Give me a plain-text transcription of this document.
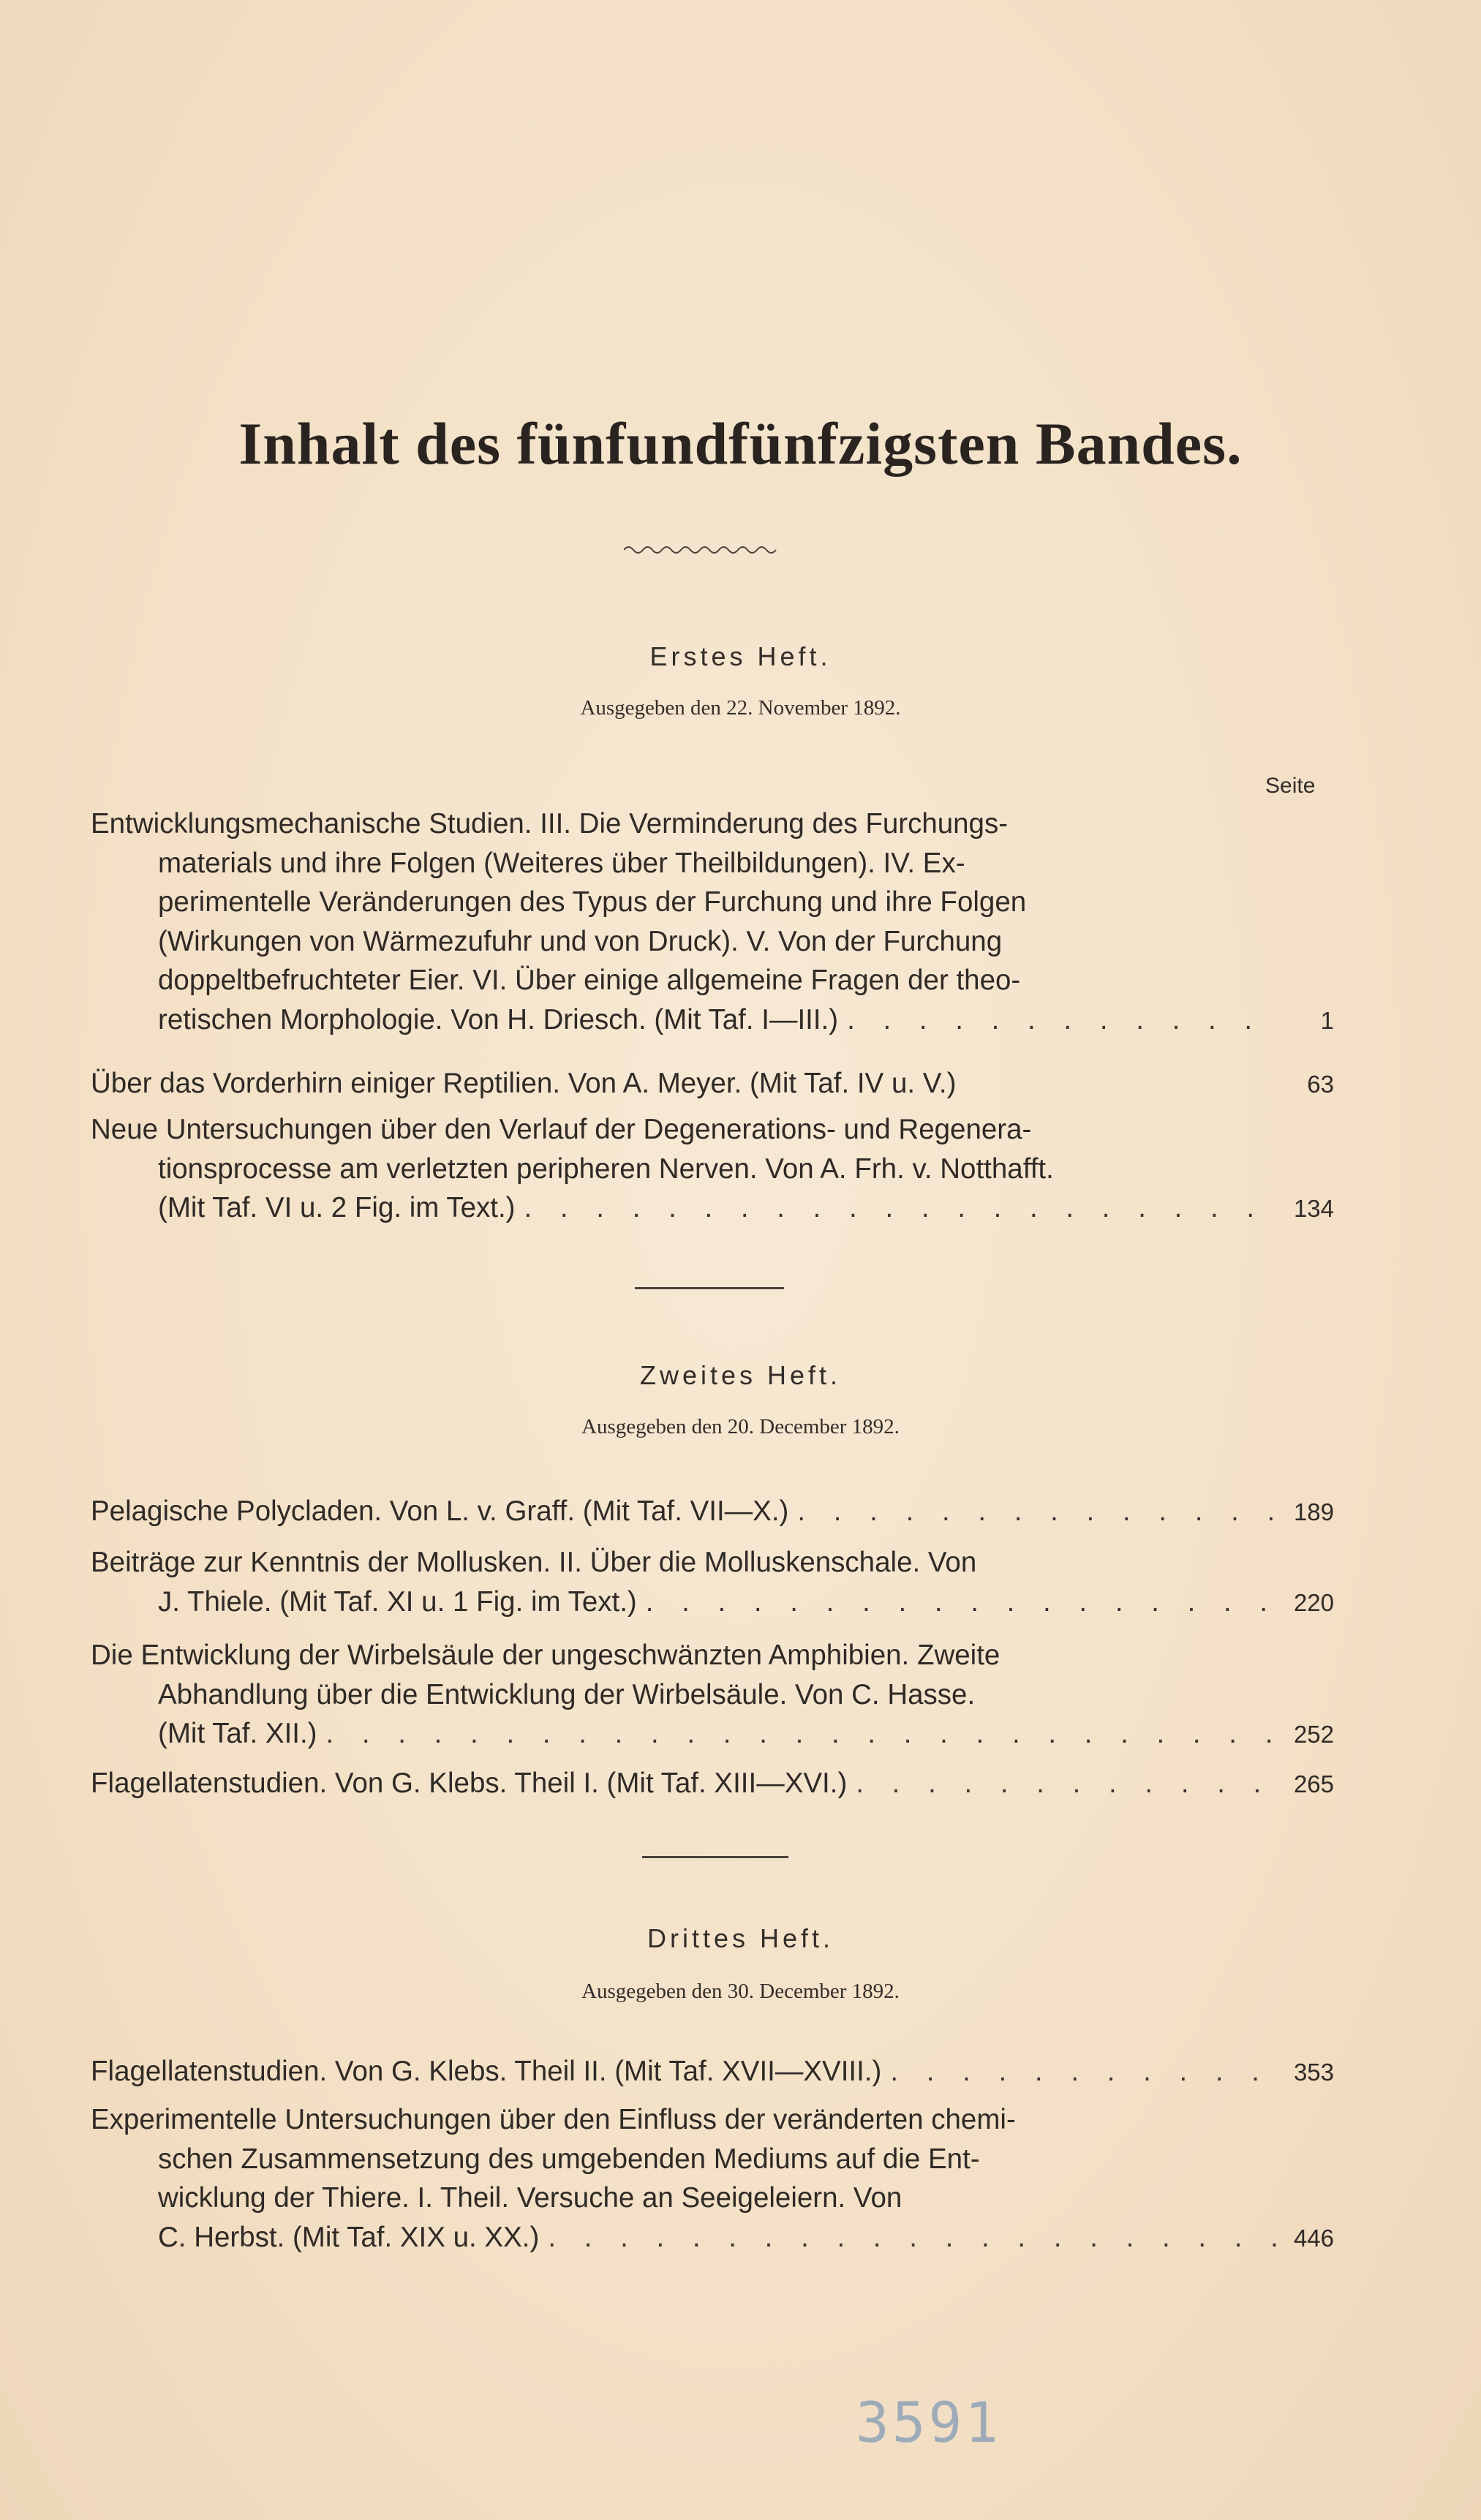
Inhalt des fünfundfünfzigsten Bandes.
Erstes Heft.
Ausgegeben den 22. November 1892.
Seite
Entwicklungsmechanische Studien. III. Die Verminderung des Furchungs-
materials und ihre Folgen (Weiteres über Theilbildungen). IV. Ex-
perimentelle Veränderungen des Typus der Furchung und ihre Folgen
(Wirkungen von Wärmezufuhr und von Druck). V. Von der Furchung
doppeltbefruchteter Eier. VI. Über einige allgemeine Fragen der theo-
retischen Morphologie. Von H. Driesch. (Mit Taf. I—III.) . . .	1
Über das Vorderhirn einiger Reptilien. Von A. Meyer. (Mit Taf. IV u. V.)	63
Neue Untersuchungen über den Verlauf der Degenerations- und Regenera-
tionsprocesse am verletzten peripheren Nerven. Von A. Frh. v. Notthafft.
(Mit Taf. VI u. 2 Fig. im Text.) . . .	134
Zweites Heft.
Ausgegeben den 20. December 1892.
Pelagische Polycladen. Von L. v. Graff. (Mit Taf. VII—X.) . . .	189
Beiträge zur Kenntnis der Mollusken. II. Über die Molluskenschale. Von
J. Thiele. (Mit Taf. XI u. 1 Fig. im Text.) . . .	220
Die Entwicklung der Wirbelsäule der ungeschwänzten Amphibien. Zweite
Abhandlung über die Entwicklung der Wirbelsäule. Von C. Hasse.
(Mit Taf. XII.) . . .	252
Flagellatenstudien. Von G. Klebs. Theil I. (Mit Taf. XIII—XVI.) . . .	265
Drittes Heft.
Ausgegeben den 30. December 1892.
Flagellatenstudien. Von G. Klebs. Theil II. (Mit Taf. XVII—XVIII.) . . .	353
Experimentelle Untersuchungen über den Einfluss der veränderten chemi-
schen Zusammensetzung des umgebenden Mediums auf die Ent-
wicklung der Thiere. I. Theil. Versuche an Seeigeleiern. Von
C. Herbst. (Mit Taf. XIX u. XX.) . . .	446
3591
